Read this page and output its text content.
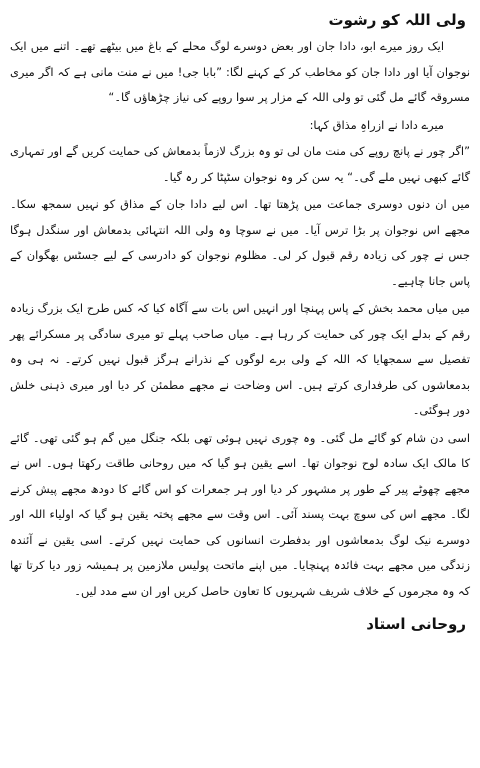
ولی اللہ کو رشوت

ایک روز میرے ابو، دادا جان اور بعض دوسرے لوگ محلے کے باغ میں بیٹھے تھے۔ اتنے میں ایک نوجوان آیا اور دادا جان کو مخاطب کر کے کہنے لگا: ”بابا جی! میں نے منت مانی ہے کہ اگر میری مسروقہ گائے مل گئی تو ولی اللہ کے مزار پر سوا روپے کی نیاز چڑھاؤں گا۔“

میرے دادا نے ازراہِ مذاق کہا:

”اگر چور نے پانچ روپے کی منت مان لی تو وہ بزرگ لازماً بدمعاش کی حمایت کریں گے اور تمہاری گائے کبھی نہیں ملے گی۔“ یہ سن کر وہ نوجوان سٹپٹا کر رہ گیا۔

میں ان دنوں دوسری جماعت میں پڑھتا تھا۔ اس لیے دادا جان کے مذاق کو نہیں سمجھ سکا۔ مجھے اس نوجوان پر بڑا ترس آیا۔ میں نے سوچا وہ ولی اللہ انتہائی بدمعاش اور سنگدل ہوگا جس نے چور کی زیادہ رقم قبول کر لی۔ مظلوم نوجوان کو دادرسی کے لیے جسٹس بھگوان کے پاس جانا چاہیے۔

میں میاں محمد بخش کے پاس پہنچا اور انہیں اس بات سے آگاہ کیا کہ کس طرح ایک بزرگ زیادہ رقم کے بدلے ایک چور کی حمایت کر رہا ہے۔ میاں صاحب پہلے تو میری سادگی پر مسکرائے پھر تفصیل سے سمجھایا کہ اللہ کے ولی برے لوگوں کے نذرانے ہرگز قبول نہیں کرتے۔ نہ ہی وہ بدمعاشوں کی طرفداری کرتے ہیں۔ اس وضاحت نے مجھے مطمئن کر دیا اور میری ذہنی خلش دور ہوگئی۔

اسی دن شام کو گائے مل گئی۔ وہ چوری نہیں ہوئی تھی بلکہ جنگل میں گم ہو گئی تھی۔ گائے کا مالک ایک سادہ لوح نوجوان تھا۔ اسے یقین ہو گیا کہ میں روحانی طاقت رکھتا ہوں۔ اس نے مجھے چھوٹے پیر کے طور پر مشہور کر دیا اور ہر جمعرات کو اس گائے کا دودھ مجھے پیش کرنے لگا۔ مجھے اس کی سوچ بہت پسند آئی۔ اس وقت سے مجھے پختہ یقین ہو گیا کہ اولیاء اللہ اور دوسرے نیک لوگ بدمعاشوں اور بدفطرت انسانوں کی حمایت نہیں کرتے۔ اسی یقین نے آئندہ زندگی میں مجھے بہت فائدہ پہنچایا۔ میں اپنے ماتحت پولیس ملازمین پر ہمیشہ زور دیا کرتا تھا کہ وہ مجرموں کے خلاف شریف شہریوں کا تعاون حاصل کریں اور ان سے مدد لیں۔

روحانی استاد
